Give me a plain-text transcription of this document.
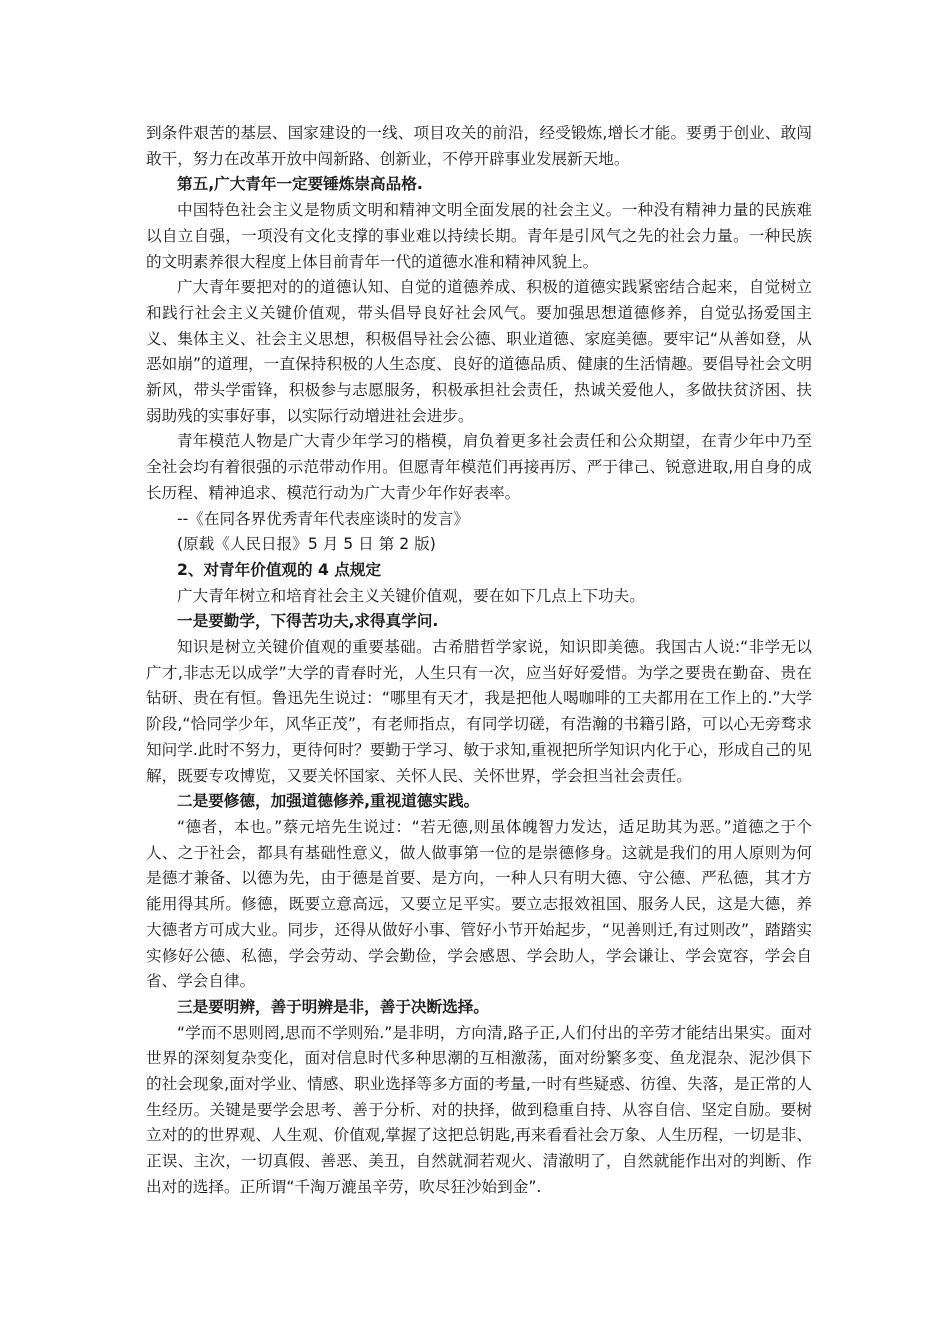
到条件艰苦的基层、国家建设的一线、项目攻关的前沿，经受锻炼,增长才能。要勇于创业、敢闯敢干，努力在改革开放中闯新路、创新业，不停开辟事业发展新天地。

第五,广大青年一定要锤炼崇高品格.

中国特色社会主义是物质文明和精神文明全面发展的社会主义。一种没有精神力量的民族难以自立自强，一项没有文化支撑的事业难以持续长期。青年是引风气之先的社会力量。一种民族的文明素养很大程度上体目前青年一代的道德水准和精神风貌上。

广大青年要把对的的道德认知、自觉的道德养成、积极的道德实践紧密结合起来，自觉树立和践行社会主义关键价值观，带头倡导良好社会风气。要加强思想道德修养，自觉弘扬爱国主义、集体主义、社会主义思想，积极倡导社会公德、职业道德、家庭美德。要牢记“从善如登，从恶如崩”的道理，一直保持积极的人生态度、良好的道德品质、健康的生活情趣。要倡导社会文明新风，带头学雷锋，积极参与志愿服务，积极承担社会责任，热诚关爱他人，多做扶贫济困、扶弱助残的实事好事，以实际行动增进社会进步。

青年模范人物是广大青少年学习的楷模，肩负着更多社会责任和公众期望，在青少年中乃至全社会均有着很强的示范带动作用。但愿青年模范们再接再厉、严于律己、锐意进取,用自身的成长历程、精神追求、模范行动为广大青少年作好表率。

--《在同各界优秀青年代表座谈时的发言》

(原载《人民日报》5 月 5 日 第 2 版)

2、对青年价值观的 4 点规定

广大青年树立和培育社会主义关键价值观，要在如下几点上下功夫。

一是要勤学，下得苦功夫,求得真学问.

知识是树立关键价值观的重要基础。古希腊哲学家说，知识即美德。我国古人说:“非学无以广才,非志无以成学”大学的青春时光，人生只有一次，应当好好爱惜。为学之要贵在勤奋、贵在钻研、贵在有恒。鲁迅先生说过：“哪里有天才，我是把他人喝咖啡的工夫都用在工作上的.”大学阶段,“恰同学少年，风华正茂”，有老师指点，有同学切磋，有浩瀚的书籍引路，可以心无旁骛求知问学.此时不努力，更待何时？要勤于学习、敏于求知,重视把所学知识内化于心，形成自己的见解，既要专攻博览，又要关怀国家、关怀人民、关怀世界，学会担当社会责任。

二是要修德，加强道德修养,重视道德实践。

“德者，本也。”蔡元培先生说过：“若无德,则虽体魄智力发达，适足助其为恶。”道德之于个人、之于社会，都具有基础性意义，做人做事第一位的是崇德修身。这就是我们的用人原则为何是德才兼备、以德为先，由于德是首要、是方向，一种人只有明大德、守公德、严私德，其才方能用得其所。修德，既要立意高远，又要立足平实。要立志报效祖国、服务人民，这是大德，养大德者方可成大业。同步，还得从做好小事、管好小节开始起步，“见善则迁,有过则改”，踏踏实实修好公德、私德，学会劳动、学会勤俭，学会感恩、学会助人，学会谦让、学会宽容，学会自省、学会自律。

三是要明辨，善于明辨是非，善于决断选择。

“学而不思则罔,思而不学则殆.”是非明，方向清,路子正,人们付出的辛劳才能结出果实。面对世界的深刻复杂变化，面对信息时代多种思潮的互相激荡，面对纷繁多变、鱼龙混杂、泥沙俱下的社会现象,面对学业、情感、职业选择等多方面的考量,一时有些疑惑、彷徨、失落，是正常的人生经历。关键是要学会思考、善于分析、对的抉择，做到稳重自持、从容自信、坚定自励。要树立对的的世界观、人生观、价值观,掌握了这把总钥匙,再来看看社会万象、人生历程，一切是非、正误、主次，一切真假、善恶、美丑，自然就洞若观火、清澈明了，自然就能作出对的判断、作出对的选择。正所谓“千淘万漉虽辛劳，吹尽狂沙始到金”.
